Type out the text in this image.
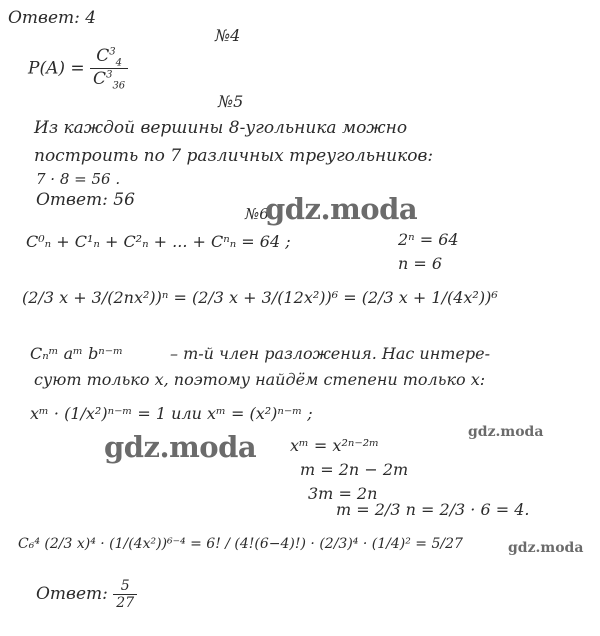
Ответ: 4
№4
$P(A) = \frac{C^3_4}{C^3_{36}}$
№5
Из каждой вершины 8-угольника можно
построить по 7 различных треугольников:
7 · 8 = 56 .
Ответ: 56
№6
gdz.moda
C⁰ₙ + C¹ₙ + C²ₙ + ... + Cⁿₙ = 64 ;	2ⁿ = 64
n = 6
(2/3 x + 3/(2nx²))ⁿ = (2/3 x + 3/(12x²))⁶ = (2/3 x + 1/(4x²))⁶
Cₙᵐ aᵐ bⁿ⁻ᵐ	– m-й член разложения. Нас интере-
суют только x, поэтому найдём степени только x:
xᵐ · (1/x²)ⁿ⁻ᵐ = 1 или xᵐ = (x²)ⁿ⁻ᵐ ;
gdz.moda	gdz.moda
xᵐ = x²ⁿ⁻²ᵐ
m = 2n − 2m
3m = 2n
m = 2/3 n = 2/3 · 6 = 4.
C₆⁴ (2/3 x)⁴ · (1/(4x²))⁶⁻⁴ = 6! / (4!(6−4)!) · (2/3)⁴ · (1/4)² = 5/27	gdz.moda
Ответ: $\frac{5}{27}$
